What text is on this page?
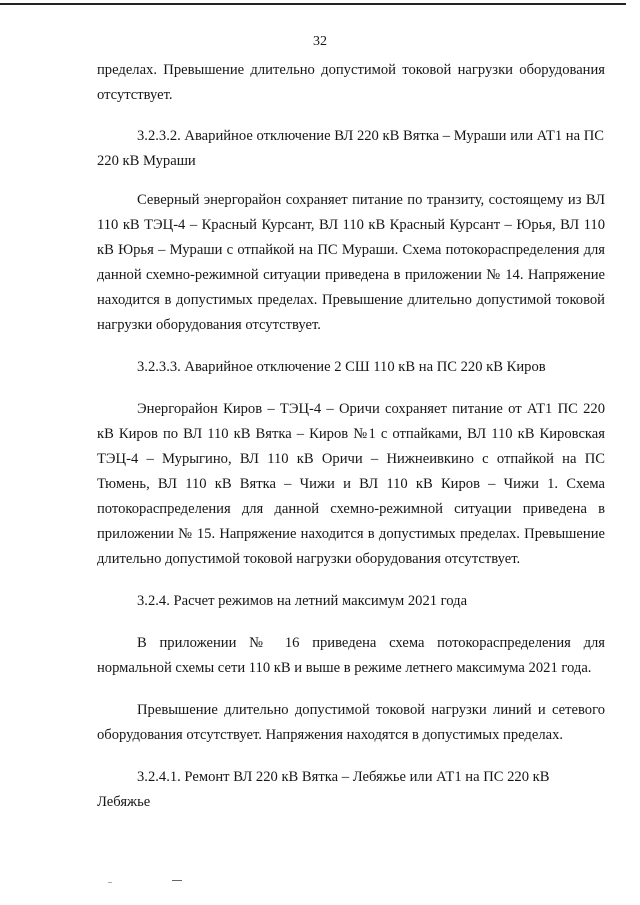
32

пределах. Превышение длительно допустимой токовой нагрузки оборудования отсутствует.

3.2.3.2. Аварийное отключение ВЛ 220 кВ Вятка – Мураши или АТ1 на ПС 220 кВ Мураши

Северный энергорайон сохраняет питание по транзиту, состоящему из ВЛ 110 кВ ТЭЦ-4 – Красный Курсант, ВЛ 110 кВ Красный Курсант – Юрья, ВЛ 110 кВ Юрья – Мураши с отпайкой на ПС Мураши. Схема потокораспределения для данной схемно-режимной ситуации приведена в приложении № 14. Напряжение находится в допустимых пределах. Превышение длительно допустимой токовой нагрузки оборудования отсутствует.

3.2.3.3. Аварийное отключение 2 СШ 110 кВ на ПС 220 кВ Киров

Энергорайон Киров – ТЭЦ-4 – Оричи сохраняет питание от АТ1 ПС 220 кВ Киров по ВЛ 110 кВ Вятка – Киров №1 с отпайками, ВЛ 110 кВ Кировская ТЭЦ-4 – Мурыгино, ВЛ 110 кВ Оричи – Нижнеивкино с отпайкой на ПС Тюмень, ВЛ 110 кВ Вятка – Чижи и ВЛ 110 кВ Киров – Чижи 1. Схема потокораспределения для данной схемно-режимной ситуации приведена в приложении № 15. Напряжение находится в допустимых пределах. Превышение длительно допустимой токовой нагрузки оборудования отсутствует.

3.2.4. Расчет режимов на летний максимум 2021 года

В приложении № 16 приведена схема потокораспределения для нормальной схемы сети 110 кВ и выше в режиме летнего максимума 2021 года.

Превышение длительно допустимой токовой нагрузки линий и сетевого оборудования отсутствует. Напряжения находятся в допустимых пределах.

3.2.4.1. Ремонт ВЛ 220 кВ Вятка – Лебяжье или АТ1 на ПС 220 кВ Лебяжье
